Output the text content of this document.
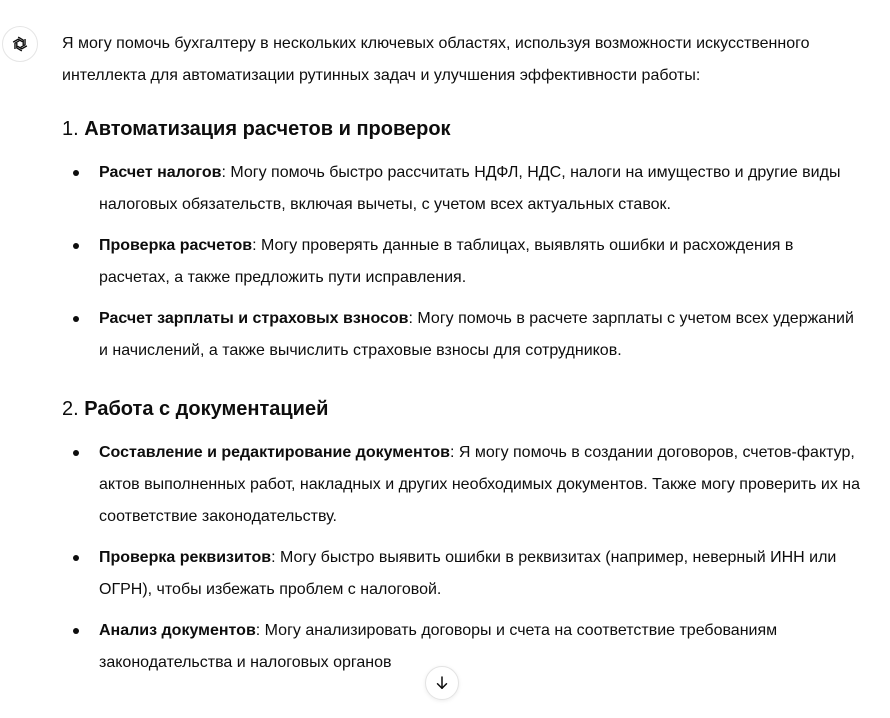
Я могу помочь бухгалтеру в нескольких ключевых областях, используя возможности искусственного интеллекта для автоматизации рутинных задач и улучшения эффективности работы:

1. Автоматизация расчетов и проверок
Расчет налогов: Могу помочь быстро рассчитать НДФЛ, НДС, налоги на имущество и другие виды налоговых обязательств, включая вычеты, с учетом всех актуальных ставок.
Проверка расчетов: Могу проверять данные в таблицах, выявлять ошибки и расхождения в расчетах, а также предложить пути исправления.
Расчет зарплаты и страховых взносов: Могу помочь в расчете зарплаты с учетом всех удержаний и начислений, а также вычислить страховые взносы для сотрудников.
2. Работа с документацией
Составление и редактирование документов: Я могу помочь в создании договоров, счетов-фактур, актов выполненных работ, накладных и других необходимых документов. Также могу проверить их на соответствие законодательству.
Проверка реквизитов: Могу быстро выявить ошибки в реквизитах (например, неверный ИНН или ОГРН), чтобы избежать проблем с налоговой.
Анализ документов: Могу анализировать договоры и счета на соответствие требованиям законодательства и налоговых органов
